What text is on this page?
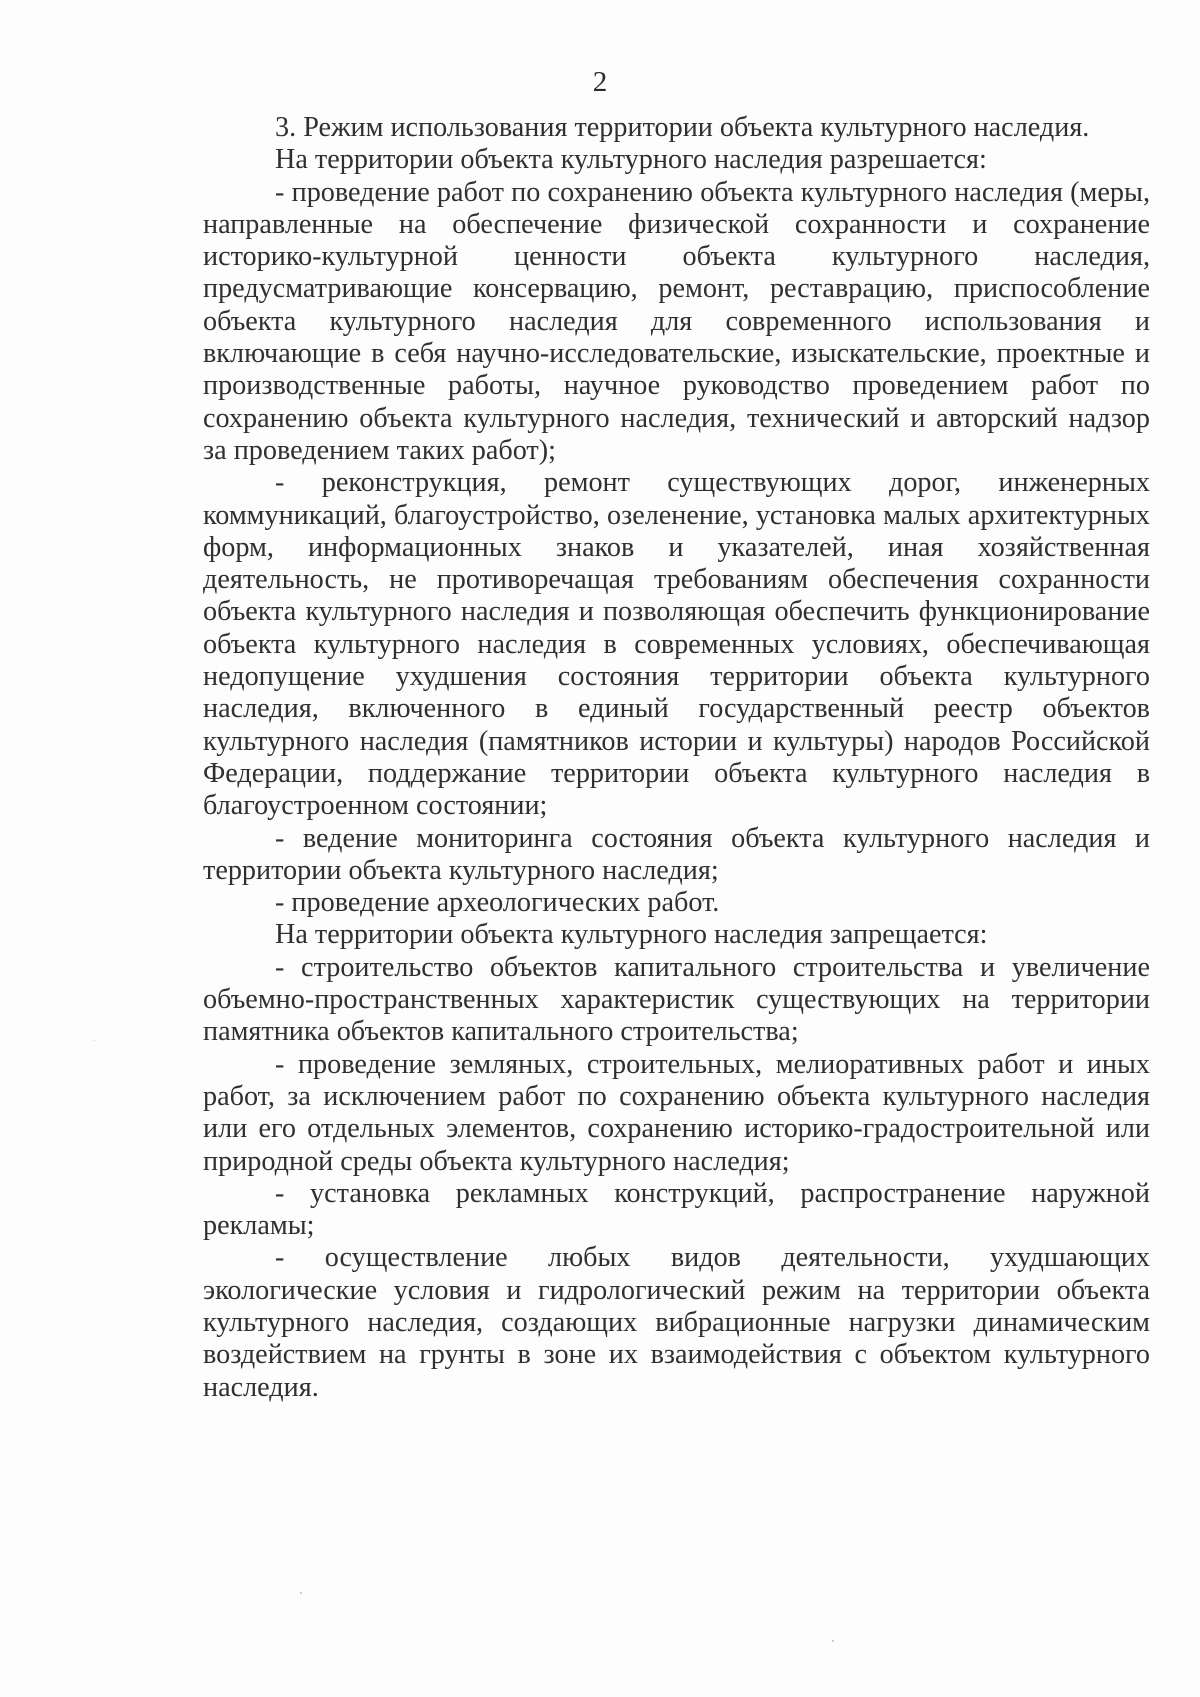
2

3. Режим использования территории объекта культурного наследия.

На территории объекта культурного наследия разрешается:

- проведение работ по сохранению объекта культурного наследия (меры, направленные на обеспечение физической сохранности и сохранение историко-культурной ценности объекта культурного наследия, предусматривающие консервацию, ремонт, реставрацию, приспособление объекта культурного наследия для современного использования и включающие в себя научно-исследовательские, изыскательские, проектные и производственные работы, научное руководство проведением работ по сохранению объекта культурного наследия, технический и авторский надзор за проведением таких работ);

- реконструкция, ремонт существующих дорог, инженерных коммуникаций, благоустройство, озеленение, установка малых архитектурных форм, информационных знаков и указателей, иная хозяйственная деятельность, не противоречащая требованиям обеспечения сохранности объекта культурного наследия и позволяющая обеспечить функционирование объекта культурного наследия в современных условиях, обеспечивающая недопущение ухудшения состояния территории объекта культурного наследия, включенного в единый государственный реестр объектов культурного наследия (памятников истории и культуры) народов Российской Федерации, поддержание территории объекта культурного наследия в благоустроенном состоянии;

- ведение мониторинга состояния объекта культурного наследия и территории объекта культурного наследия;

- проведение археологических работ.

На территории объекта культурного наследия запрещается:

- строительство объектов капитального строительства и увеличение объемно-пространственных характеристик существующих на территории памятника объектов капитального строительства;

- проведение земляных, строительных, мелиоративных работ и иных работ, за исключением работ по сохранению объекта культурного наследия или его отдельных элементов, сохранению историко-градостроительной или природной среды объекта культурного наследия;

- установка рекламных конструкций, распространение наружной рекламы;

- осуществление любых видов деятельности, ухудшающих экологические условия и гидрологический режим на территории объекта культурного наследия, создающих вибрационные нагрузки динамическим воздействием на грунты в зоне их взаимодействия с объектом культурного наследия.
